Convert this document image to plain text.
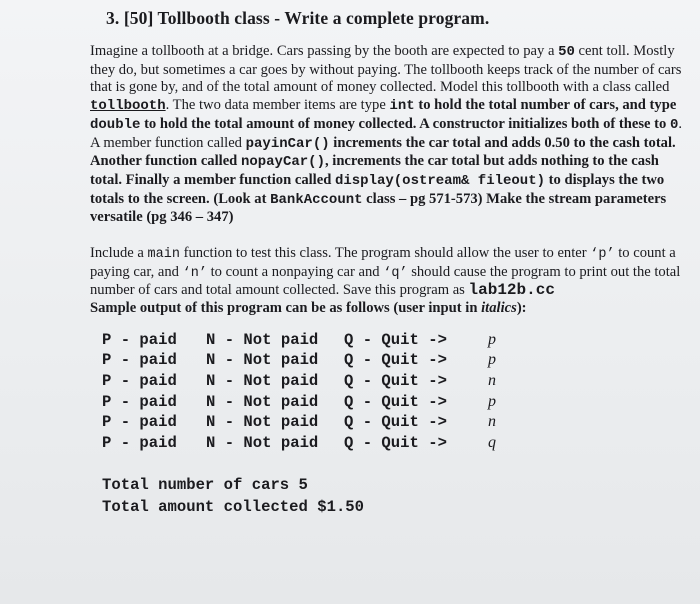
3. [50] Tollbooth class - Write a complete program.

Imagine a tollbooth at a bridge. Cars passing by the booth are expected to pay a 50 cent toll. Mostly they do, but sometimes a car goes by without paying. The tollbooth keeps track of the number of cars that is gone by, and of the total amount of money collected. Model this tollbooth with a class called tollbooth. The two data member items are type int to hold the total number of cars, and type double to hold the total amount of money collected. A constructor initializes both of these to 0. A member function called payinCar() increments the car total and adds 0.50 to the cash total. Another function called nopayCar(), increments the car total but adds nothing to the cash total. Finally a member function called display(ostream& fileout) to displays the two totals to the screen. (Look at BankAccount class – pg 571-573) Make the stream parameters versatile (pg 346 – 347)

Include a main function to test this class. The program should allow the user to enter ‘p’ to count a paying car, and ‘n’ to count a nonpaying car and ‘q’ should cause the program to print out the total number of cars and total amount collected. Save this program as lab12b.cc
Sample output of this program can be as follows (user input in italics):

P - paid	N - Not paid	Q - Quit ->	p
P - paid	N - Not paid	Q - Quit ->	p
P - paid	N - Not paid	Q - Quit ->	n
P - paid	N - Not paid	Q - Quit ->	p
P - paid	N - Not paid	Q - Quit ->	n
P - paid	N - Not paid	Q - Quit ->	q
Total number of cars 5
Total amount collected $1.50
